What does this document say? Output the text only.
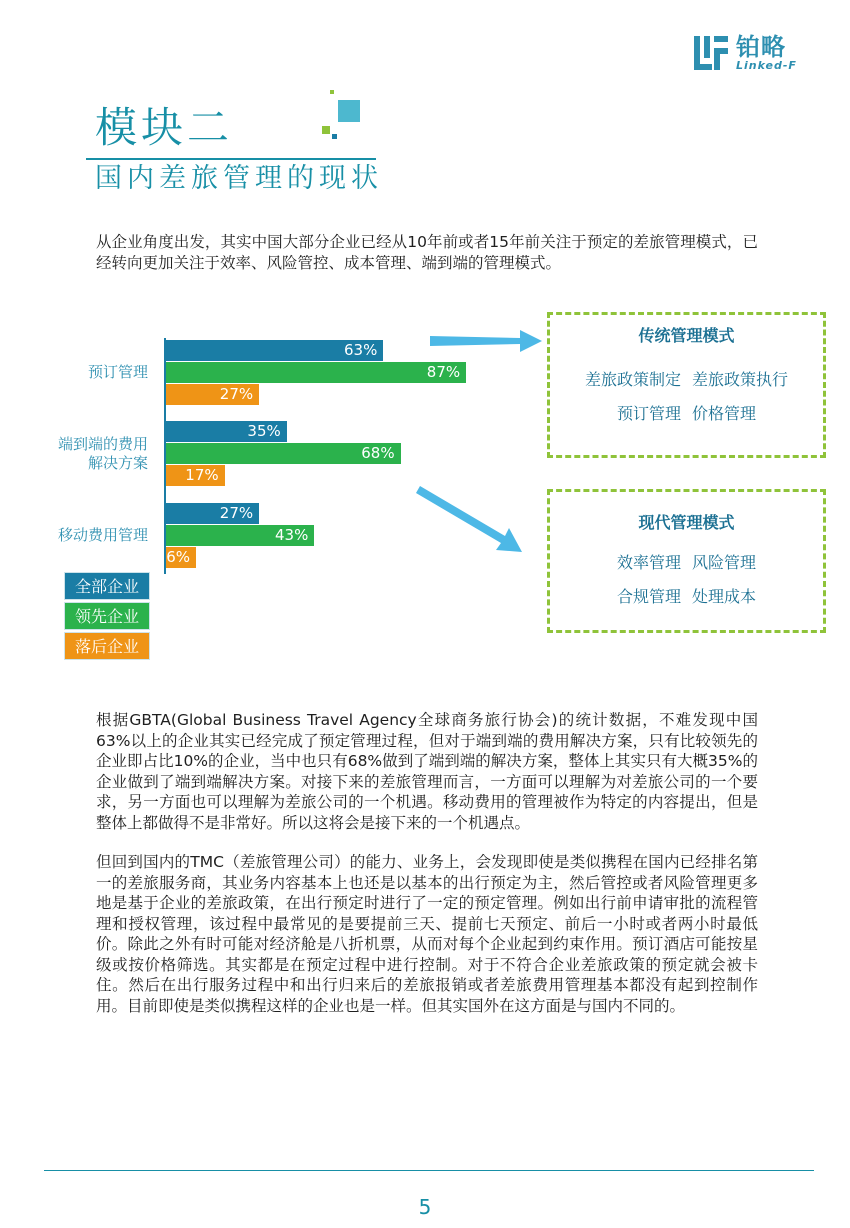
铂略
Linked-F
模块二
国内差旅管理的现状
从企业角度出发，其实中国大部分企业已经从10年前或者15年前关注于预定的差旅管理模式，已经转向更加关注于效率、风险管控、成本管理、端到端的管理模式。
全部企业
领先企业
落后企业
传统管理模式
差旅政策制定 差旅政策执行
预订管理 价格管理
现代管理模式
效率管理 风险管理
合规管理 处理成本
预订管理
63%
87%
27%
端到端的费用
解决方案
35%
68%
17%
移动费用管理
27%
43%
6%
根据GBTA(Global Business Travel Agency全球商务旅行协会)的统计数据，不难发现中国63%以上的企业其实已经完成了预定管理过程，但对于端到端的费用解决方案，只有比较领先的企业即占比10%的企业，当中也只有68%做到了端到端的解决方案，整体上其实只有大概35%的企业做到了端到端解决方案。对接下来的差旅管理而言，一方面可以理解为对差旅公司的一个要求，另一方面也可以理解为差旅公司的一个机遇。移动费用的管理被作为特定的内容提出，但是整体上都做得不是非常好。所以这将会是接下来的一个机遇点。
但回到国内的TMC（差旅管理公司）的能力、业务上，会发现即使是类似携程在国内已经排名第一的差旅服务商，其业务内容基本上也还是以基本的出行预定为主，然后管控或者风险管理更多地是基于企业的差旅政策，在出行预定时进行了一定的预定管理。例如出行前申请审批的流程管理和授权管理，该过程中最常见的是要提前三天、提前七天预定、前后一小时或者两小时最低价。除此之外有时可能对经济舱是八折机票，从而对每个企业起到约束作用。预订酒店可能按星级或按价格筛选。其实都是在预定过程中进行控制。对于不符合企业差旅政策的预定就会被卡住。然后在出行服务过程中和出行归来后的差旅报销或者差旅费用管理基本都没有起到控制作用。目前即使是类似携程这样的企业也是一样。但其实国外在这方面是与国内不同的。
5
